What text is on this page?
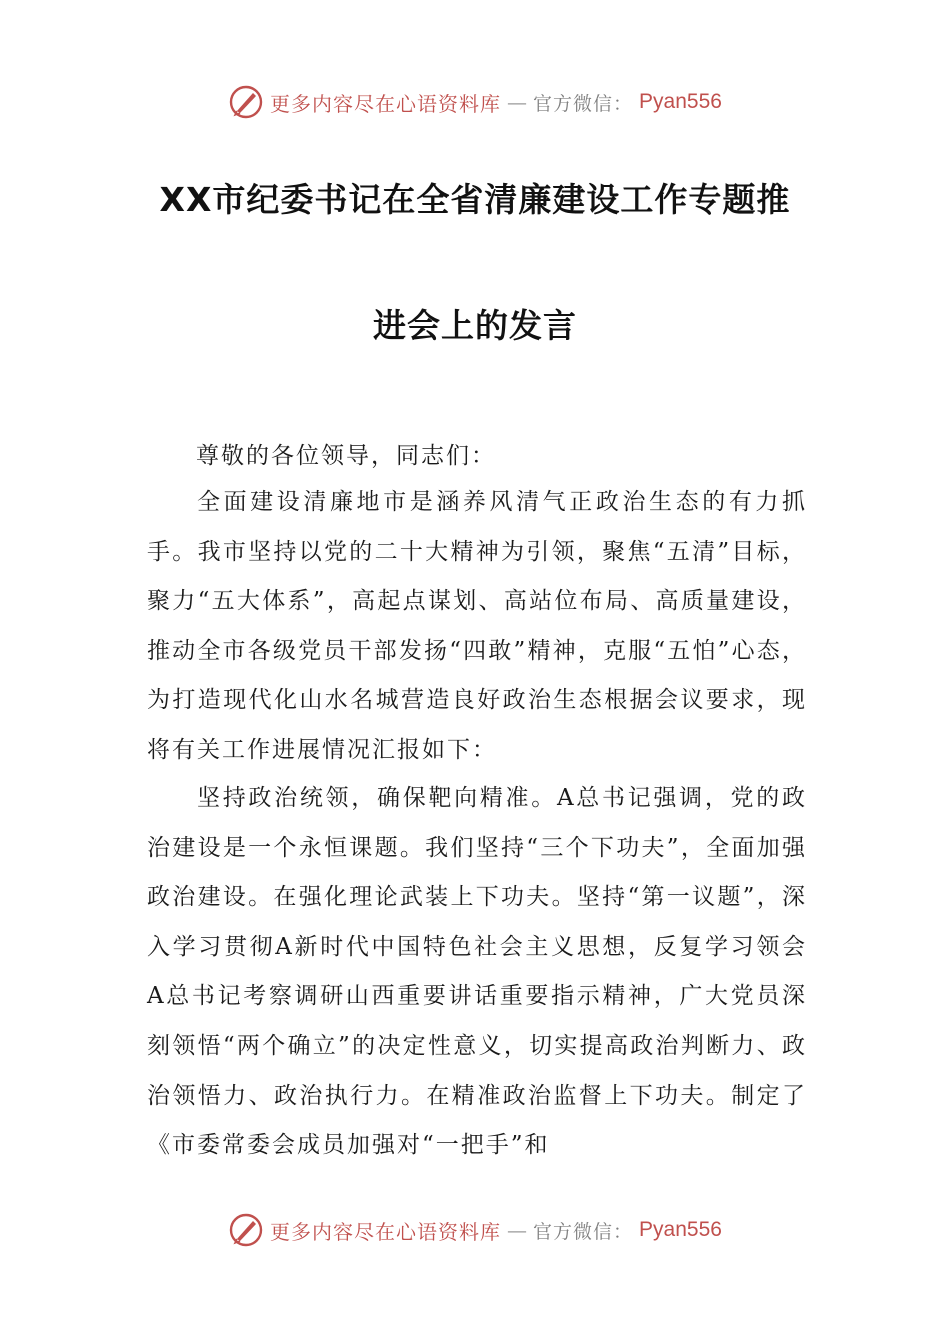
更多内容尽在心语资料库 — 官方微信： Pyan556
XX市纪委书记在全省清廉建设工作专题推
进会上的发言
尊敬的各位领导，同志们：
全面建设清廉地市是涵养风清气正政治生态的有力抓手。我市坚持以党的二十大精神为引领，聚焦“五清”目标，聚力“五大体系”，高起点谋划、高站位布局、高质量建设，推动全市各级党员干部发扬“四敢”精神，克服“五怕”心态，为打造现代化山水名城营造良好政治生态根据会议要求，现将有关工作进展情况汇报如下：
坚持政治统领，确保靶向精准。A总书记强调，党的政治建设是一个永恒课题。我们坚持“三个下功夫”，全面加强政治建设。在强化理论武装上下功夫。坚持“第一议题”，深入学习贯彻A新时代中国特色社会主义思想，反复学习领会A总书记考察调研山西重要讲话重要指示精神，广大党员深刻领悟“两个确立”的决定性意义，切实提高政治判断力、政治领悟力、政治执行力。在精准政治监督上下功夫。制定了《市委常委会成员加强对“一把手”和
更多内容尽在心语资料库 — 官方微信： Pyan556
